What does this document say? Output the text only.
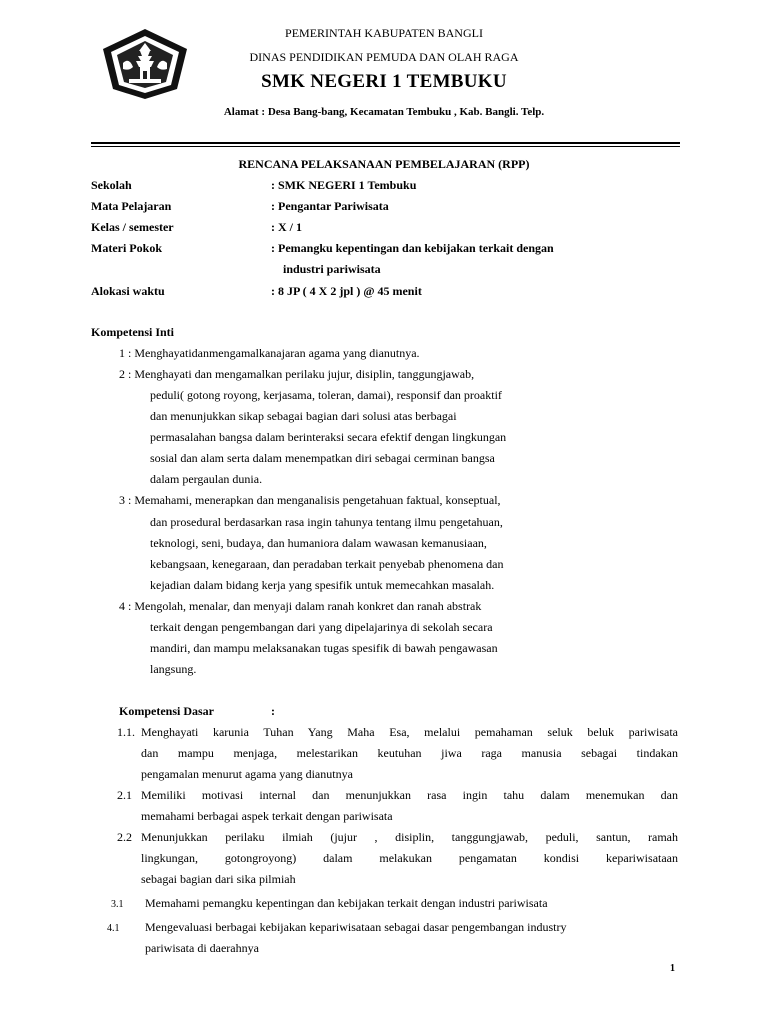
PEMERINTAH KABUPATEN BANGLI
DINAS PENDIDIKAN PEMUDA DAN OLAH RAGA
SMK NEGERI 1 TEMBUKU
Alamat : Desa Bang-bang, Kecamatan Tembuku , Kab. Bangli. Telp.
RENCANA PELAKSANAAN PEMBELAJARAN (RPP)
Sekolah	: SMK NEGERI 1 Tembuku
Mata Pelajaran	: Pengantar Pariwisata
Kelas / semester	: X / 1
Materi Pokok	: Pemangku kepentingan dan kebijakan terkait dengan
industri pariwisata
Alokasi waktu	: 8 JP ( 4 X 2 jpl ) @ 45 menit
Kompetensi Inti
1 : Menghayatidanmengamalkanajaran agama yang dianutnya.
2 : Menghayati dan mengamalkan perilaku jujur, disiplin, tanggungjawab,
peduli( gotong royong, kerjasama, toleran, damai), responsif dan proaktif
dan menunjukkan sikap sebagai bagian dari solusi atas berbagai
permasalahan bangsa dalam berinteraksi secara efektif dengan lingkungan
sosial dan alam serta dalam menempatkan diri sebagai cerminan bangsa
dalam pergaulan dunia.
3 : Memahami, menerapkan dan menganalisis pengetahuan faktual, konseptual,
dan prosedural berdasarkan rasa ingin tahunya tentang ilmu pengetahuan,
teknologi, seni, budaya, dan humaniora dalam wawasan kemanusiaan,
kebangsaan, kenegaraan, dan peradaban terkait penyebab phenomena dan
kejadian dalam bidang kerja yang spesifik untuk memecahkan masalah.
4 : Mengolah, menalar, dan menyaji dalam ranah konkret dan ranah abstrak
terkait dengan pengembangan dari yang dipelajarinya di sekolah secara
mandiri, dan mampu melaksanakan tugas spesifik di bawah pengawasan
langsung.
Kompetensi Dasar	:
1.1. Menghayati karunia Tuhan Yang Maha Esa, melalui pemahaman seluk beluk pariwisata
dan mampu menjaga, melestarikan keutuhan jiwa raga manusia sebagai tindakan
pengamalan menurut agama yang dianutnya
2.1 Memiliki motivasi internal dan menunjukkan rasa ingin tahu dalam menemukan dan
memahami berbagai aspek terkait dengan pariwisata
2.2 Menunjukkan perilaku ilmiah (jujur , disiplin, tanggungjawab, peduli, santun, ramah
lingkungan, gotongroyong) dalam melakukan pengamatan kondisi kepariwisataan
sebagai bagian dari sika pilmiah
3.1 Memahami pemangku kepentingan dan kebijakan terkait dengan industri pariwisata
4.1 Mengevaluasi berbagai kebijakan kepariwisataan sebagai dasar pengembangan industry
pariwisata di daerahnya
1
